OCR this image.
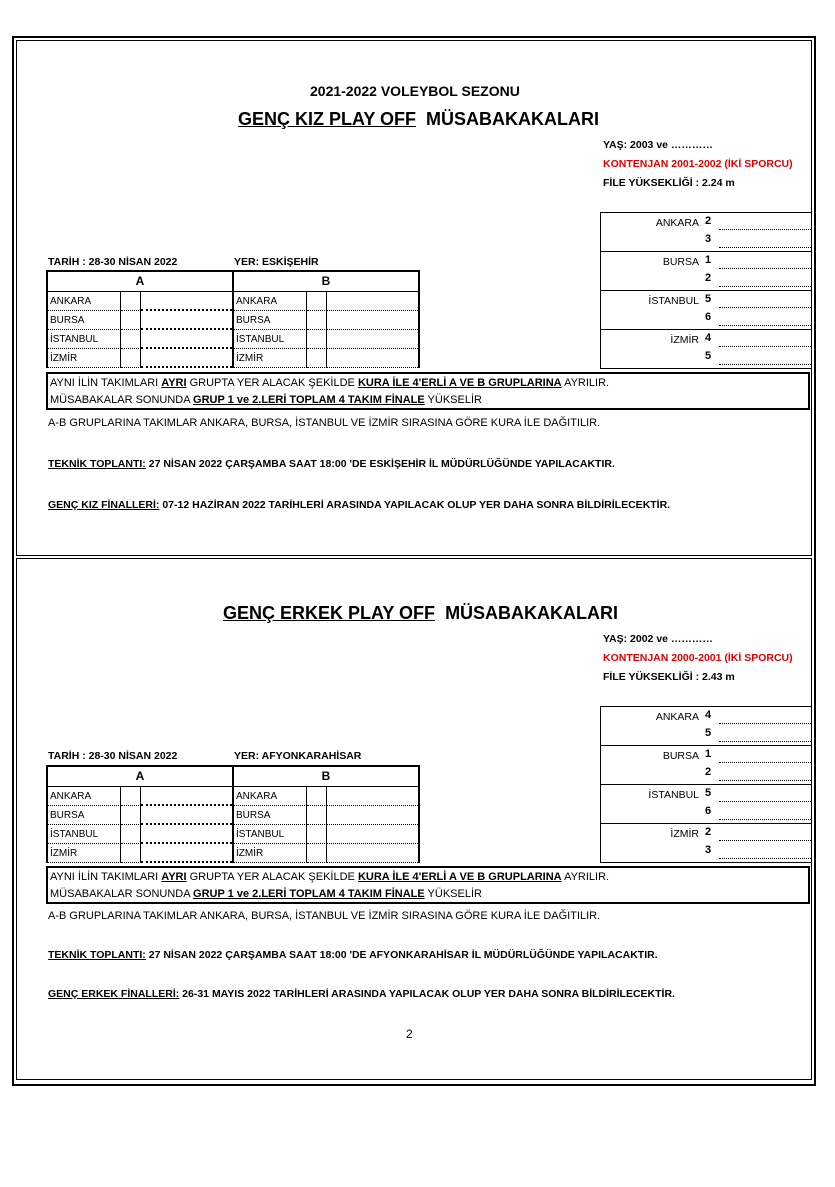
2021-2022 VOLEYBOL SEZONU
GENÇ KIZ PLAY OFF MÜSABAKAKALARI
YAŞ: 2003 ve …………
KONTENJAN 2001-2002 (İKİ SPORCU)
FİLE YÜKSEKLİĞİ : 2.24 m
ANKARA 2
3
BURSA 1
2
İSTANBUL 5
6
İZMİR 4
5
TARİH : 28-30 NİSAN 2022	YER: ESKİŞEHİR
A	B
ANKARA	ANKARA
BURSA	BURSA
İSTANBUL	İSTANBUL
İZMİR	İZMİR
AYNI İLİN TAKIMLARI AYRI GRUPTA YER ALACAK ŞEKİLDE KURA İLE 4'ERLİ A VE B GRUPLARINA AYRILIR.
MÜSABAKALAR SONUNDA GRUP 1 ve 2.LERİ TOPLAM 4 TAKIM FİNALE YÜKSELİR
A-B GRUPLARINA TAKIMLAR ANKARA, BURSA, İSTANBUL VE İZMİR SIRASINA GÖRE KURA İLE DAĞITILIR.
TEKNİK TOPLANTI: 27 NİSAN 2022 ÇARŞAMBA SAAT 18:00 'DE ESKİŞEHİR İL MÜDÜRLÜĞÜNDE YAPILACAKTIR.
GENÇ KIZ FİNALLERİ: 07-12 HAZİRAN 2022 TARİHLERİ ARASINDA YAPILACAK OLUP YER DAHA SONRA BİLDİRİLECEKTİR.
GENÇ ERKEK PLAY OFF MÜSABAKAKALARI
YAŞ: 2002 ve …………
KONTENJAN 2000-2001 (İKİ SPORCU)
FİLE YÜKSEKLİĞİ : 2.43 m
ANKARA 4
5
BURSA 1
2
İSTANBUL 5
6
İZMİR 2
3
TARİH : 28-30 NİSAN 2022	YER: AFYONKARAHİSAR
A	B
ANKARA	ANKARA
BURSA	BURSA
İSTANBUL	İSTANBUL
İZMİR	İZMİR
AYNI İLİN TAKIMLARI AYRI GRUPTA YER ALACAK ŞEKİLDE KURA İLE 4'ERLİ A VE B GRUPLARINA AYRILIR.
MÜSABAKALAR SONUNDA GRUP 1 ve 2.LERİ TOPLAM 4 TAKIM FİNALE YÜKSELİR
A-B GRUPLARINA TAKIMLAR ANKARA, BURSA, İSTANBUL VE İZMİR SIRASINA GÖRE KURA İLE DAĞITILIR.
TEKNİK TOPLANTI: 27 NİSAN 2022 ÇARŞAMBA SAAT 18:00 'DE AFYONKARAHİSAR İL MÜDÜRLÜĞÜNDE YAPILACAKTIR.
GENÇ ERKEK FİNALLERİ: 26-31 MAYIS 2022 TARİHLERİ ARASINDA YAPILACAK OLUP YER DAHA SONRA BİLDİRİLECEKTİR.
2
